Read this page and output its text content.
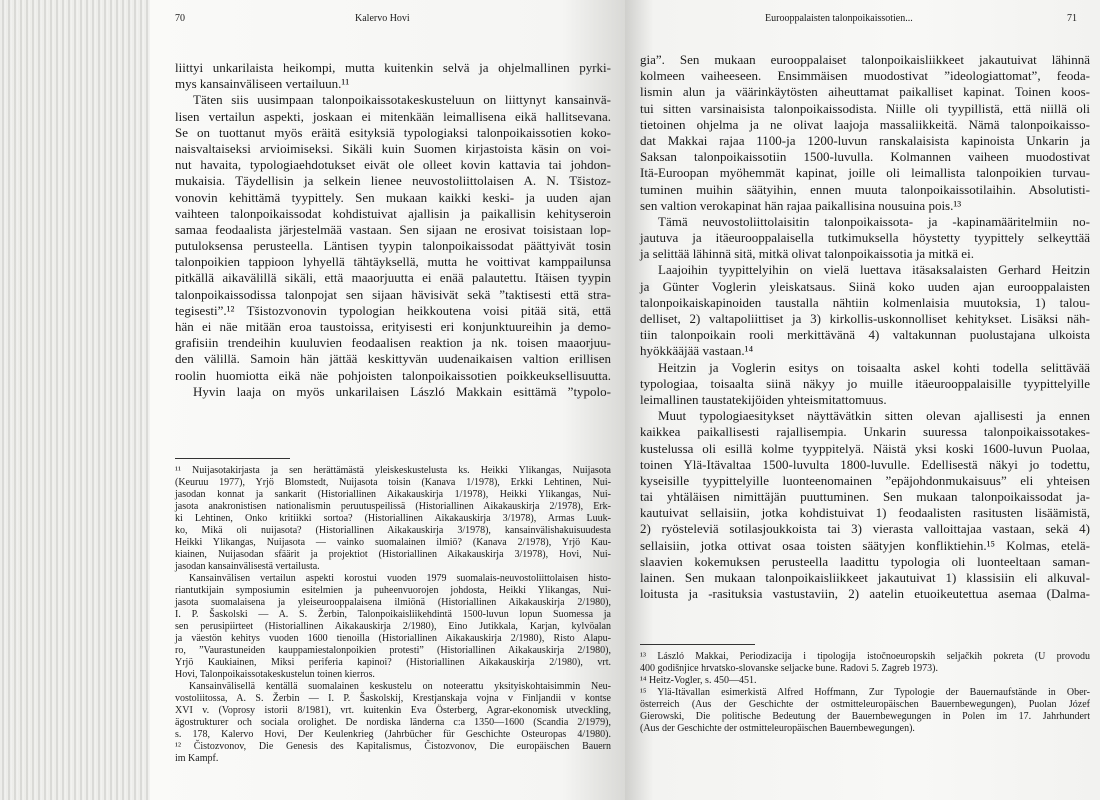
70	Kalervo Hovi
liittyi unkarilaista heikompi, mutta kuitenkin selvä ja ohjelmallinen pyrki-
mys kansainväliseen vertailuun.¹¹
Täten siis uusimpaan talonpoikaissotakeskusteluun on liittynyt kansainvä-
lisen vertailun aspekti, joskaan ei mitenkään leimallisena eikä hallitsevana.
Se on tuottanut myös eräitä esityksiä typologiaksi talonpoikaissotien koko-
naisvaltaiseksi arvioimiseksi. Sikäli kuin Suomen kirjastoista käsin on voi-
nut havaita, typologiaehdotukset eivät ole olleet kovin kattavia tai johdon-
mukaisia. Täydellisin ja selkein lienee neuvostoliittolaisen A. N. Tšistoz-
vonovin kehittämä tyypittely. Sen mukaan kaikki keski- ja uuden ajan
vaihteen talonpoikaissodat kohdistuivat ajallisin ja paikallisin kehityseroin
samaa feodaalista järjestelmää vastaan. Sen sijaan ne erosivat toisistaan lop-
putuloksensa perusteella. Läntisen tyypin talonpoikaissodat päättyivät tosin
talonpoikien tappioon lyhyellä tähtäyksellä, mutta he voittivat kamppailunsa
pitkällä aikavälillä sikäli, että maaorjuutta ei enää palautettu. Itäisen tyypin
talonpoikaissodissa talonpojat sen sijaan hävisivät sekä ”taktisesti että stra-
tegisesti”.¹² Tšistozvonovin typologian heikkoutena voisi pitää sitä, että
hän ei näe mitään eroa taustoissa, erityisesti eri konjunktuureihin ja demo-
grafisiin trendeihin kuuluvien feodaalisen reaktion ja nk. toisen maaorjuu-
den välillä. Samoin hän jättää keskittyvän uudenaikaisen valtion erillisen
roolin huomiotta eikä näe pohjoisten talonpoikaissotien poikkeuksellisuutta.
Hyvin laaja on myös unkarilaisen László Makkain esittämä ”typolo-
¹¹ Nuijasotakirjasta ja sen herättämästä yleiskeskustelusta ks. Heikki Ylikangas, Nuijasota
(Keuruu 1977), Yrjö Blomstedt, Nuijasota toisin (Kanava 1/1978), Erkki Lehtinen, Nui-
jasodan konnat ja sankarit (Historiallinen Aikakauskirja 1/1978), Heikki Ylikangas, Nui-
jasota anakronistisen nationalismin peruutuspeilissä (Historiallinen Aikakauskirja 2/1978), Erk-
ki Lehtinen, Onko kritiikki sortoa? (Historiallinen Aikakauskirja 3/1978), Armas Luuk-
ko, Mikä oli nuijasota? (Historiallinen Aikakauskirja 3/1978), kansainvälishakuisuudesta
Heikki Ylikangas, Nuijasota — vainko suomalainen ilmiö? (Kanava 2/1978), Yrjö Kau-
kiainen, Nuijasodan sfäärit ja projektiot (Historiallinen Aikakauskirja 3/1978), Hovi, Nui-
jasodan kansainvälisestä vertailusta.
Kansainvälisen vertailun aspekti korostui vuoden 1979 suomalais-neuvostoliittolaisen histo-
riantutkijain symposiumin esitelmien ja puheenvuorojen johdosta, Heikki Ylikangas, Nui-
jasota suomalaisena ja yleiseurooppalaisena ilmiönä (Historiallinen Aikakauskirja 2/1980),
I. P. Šaskolski — A. S. Žerbin, Talonpoikaisliikehdintä 1500-luvun lopun Suomessa ja
sen perusipiirteet (Historiallinen Aikakauskirja 2/1980), Eino Jutikkala, Karjan, kylvöalan
ja väestön kehitys vuoden 1600 tienoilla (Historiallinen Aikakauskirja 2/1980), Risto Alapu-
ro, ”Vaurastuneiden kauppamiestalonpoikien protesti” (Historiallinen Aikakauskirja 2/1980),
Yrjö Kaukiainen, Miksi periferia kapinoi? (Historiallinen Aikakauskirja 2/1980), vrt.
Hovi, Talonpoikaissotakeskustelun toinen kierros.
Kansainvälisellä kentällä suomalainen keskustelu on noteerattu yksityiskohtaisimmin Neu-
vostoliitossa, A. S. Žerbin — I. P. Šaskolskij, Krestjanskaja vojna v Finljandii v kontse
XVI v. (Voprosy istorii 8/1981), vrt. kuitenkin Eva Österberg, Agrar-ekonomisk utveckling,
ägostrukturer och sociala orolighet. De nordiska länderna c:a 1350—1600 (Scandia 2/1979),
s. 178, Kalervo Hovi, Der Keulenkrieg (Jahrbücher für Geschichte Osteuropas 4/1980).
¹² Čistozvonov, Die Genesis des Kapitalismus, Čistozvonov, Die europäischen Bauern
im Kampf.
Eurooppalaisten talonpoikaissotien...	71
gia”. Sen mukaan eurooppalaiset talonpoikaisliikkeet jakautuivat lähinnä
kolmeen vaiheeseen. Ensimmäisen muodostivat ”ideologiattomat”, feoda-
lismin alun ja väärinkäytösten aiheuttamat paikalliset kapinat. Toinen koos-
tui sitten varsinaisista talonpoikaissodista. Niille oli tyypillistä, että niillä oli
tietoinen ohjelma ja ne olivat laajoja massaliikkeitä. Nämä talonpoikaisso-
dat Makkai rajaa 1100-ja 1200-luvun ranskalaisista kapinoista Unkarin ja
Saksan talonpoikaissotiin 1500-luvulla. Kolmannen vaiheen muodostivat
Itä-Euroopan myöhemmät kapinat, joille oli leimallista talonpoikien turvau-
tuminen muihin säätyihin, ennen muuta talonpoikaissotilaihin. Absolutisti-
sen valtion verokapinat hän rajaa paikallisina nousuina pois.¹³
Tämä neuvostoliittolaisitin talonpoikaissota- ja -kapinamääritelmiin no-
jautuva ja itäeurooppalaisella tutkimuksella höystetty tyypittely selkeyttää
ja selittää lähinnä sitä, mitkä olivat talonpoikaissotia ja mitkä ei.
Laajoihin tyypittelyihin on vielä luettava itäsaksalaisten Gerhard Heitzin
ja Günter Voglerin yleiskatsaus. Siinä koko uuden ajan eurooppalaisten
talonpoikaiskapinoiden taustalla nähtiin kolmenlaisia muutoksia, 1) talou-
delliset, 2) valtapoliittiset ja 3) kirkollis-uskonnolliset kehitykset. Lisäksi näh-
tiin talonpoikain rooli merkittävänä 4) valtakunnan puolustajana ulkoista
hyökkääjää vastaan.¹⁴
Heitzin ja Voglerin esitys on toisaalta askel kohti todella selittävää
typologiaa, toisaalta siinä näkyy jo muille itäeurooppalaisille tyypittelyille
leimallinen taustatekijöiden yhteismitattomuus.
Muut typologiaesitykset näyttävätkin sitten olevan ajallisesti ja ennen
kaikkea paikallisesti rajallisempia. Unkarin suuressa talonpoikaissotakes-
kustelussa oli esillä kolme tyyppitelyä. Näistä yksi koski 1600-luvun Puolaa,
toinen Ylä-Itävaltaa 1500-luvulta 1800-luvulle. Edellisestä näkyi jo todettu,
kyseisille tyypittelyille luonteenomainen ”epäjohdonmukaisuus” eli yhteisen
tai yhtäläisen nimittäjän puuttuminen. Sen mukaan talonpoikaissodat ja-
kautuivat sellaisiin, jotka kohdistuivat 1) feodaalisten rasitusten lisäämistä,
2) ryösteleviä sotilasjoukkoista tai 3) vierasta valloittajaa vastaan, sekä 4)
sellaisiin, jotka ottivat osaa toisten säätyjen konfliktiehin.¹⁵ Kolmas, etelä-
slaavien kokemuksen perusteella laadittu typologia oli luonteeltaan saman-
lainen. Sen mukaan talonpoikaisliikkeet jakautuivat 1) klassisiin eli alkuval-
loitusta ja -rasituksia vastustaviin, 2) aatelin etuoikeutettua asemaa (Dalma-
¹³ László Makkai, Periodizacija i tipologija istočnoeuropskih seljačkih pokreta (U provodu
400 godišnjice hrvatsko-slovanske seljacke bune. Radovi 5. Zagreb 1973).
¹⁴ Heitz-Vogler, s. 450—451.
¹⁵ Ylä-Itävallan esimerkistä Alfred Hoffmann, Zur Typologie der Bauernaufstände in Ober-
österreich (Aus der Geschichte der ostmitteleuropäischen Bauernbewegungen), Puolan Józef
Gierowski, Die politische Bedeutung der Bauernbewegungen in Polen im 17. Jahrhundert
(Aus der Geschichte der ostmitteleuropäischen Bauernbewegungen).
